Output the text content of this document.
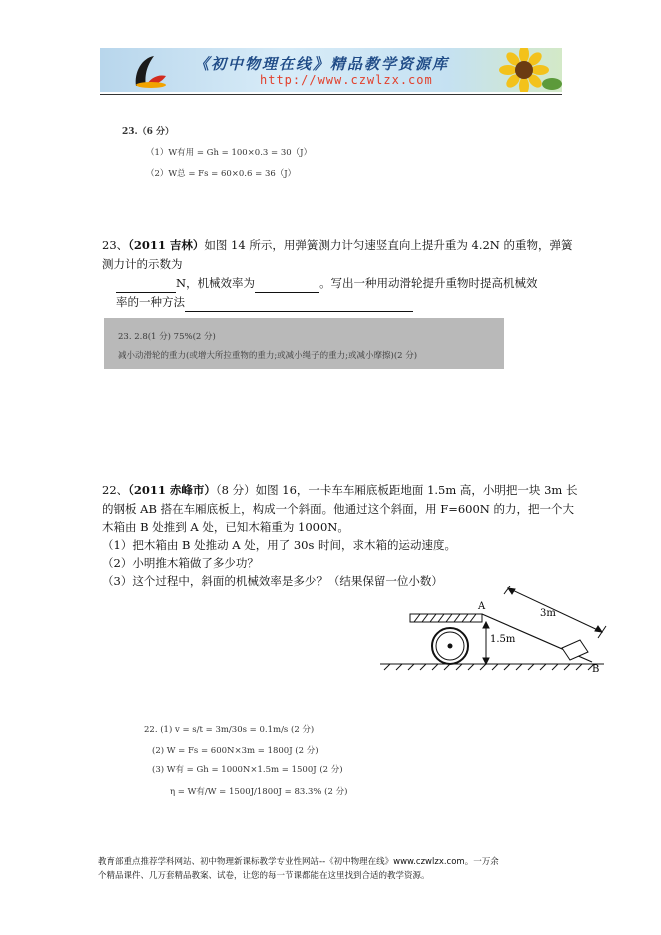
《初中物理在线》精品教学资源库
http://www.czwlzx.com
23.（6 分）
（1）W有用 = Gh = 100×0.3 = 30（J）
（2）W总 = Fs = 60×0.6 = 36（J）
23、（2011 吉林）如图 14 所示，用弹簧测力计匀速竖直向上提升重为 4.2N 的重物，弹簧
测力计的示数为
N，机械效率为	。写出一种用动滑轮提升重物时提高机械效
率的一种方法
23. 2.8(1 分) 75%(2 分)
减小动滑轮的重力(或增大所拉重物的重力;或减小绳子的重力;或减小摩擦)(2 分)
22、（2011 赤峰市）（8 分）如图 16，一卡车车厢底板距地面 1.5m 高，小明把一块 3m 长
的钢板 AB 搭在车厢底板上，构成一个斜面。他通过这个斜面，用 F=600N 的力，把一个大
木箱由 B 处推到 A 处，已知木箱重为 1000N。
（1）把木箱由 B 处推动 A 处，用了 30s 时间，求木箱的运动速度。
（2）小明推木箱做了多少功？
（3）这个过程中，斜面的机械效率是多少？（结果保留一位小数）
A
B
1.5m
3m
22. (1) v = s/t = 3m/30s = 0.1m/s (2 分)
(2) W = Fs = 600N×3m = 1800J (2 分)
(3) W有 = Gh = 1000N×1.5m = 1500J (2 分)
η = W有/W = 1500J/1800J = 83.3% (2 分)
教育部重点推荐学科网站、初中物理新课标教学专业性网站--《初中物理在线》www.czwlzx.com。一万余
个精品课件、几万套精品教案、试卷，让您的每一节课都能在这里找到合适的教学资源。
